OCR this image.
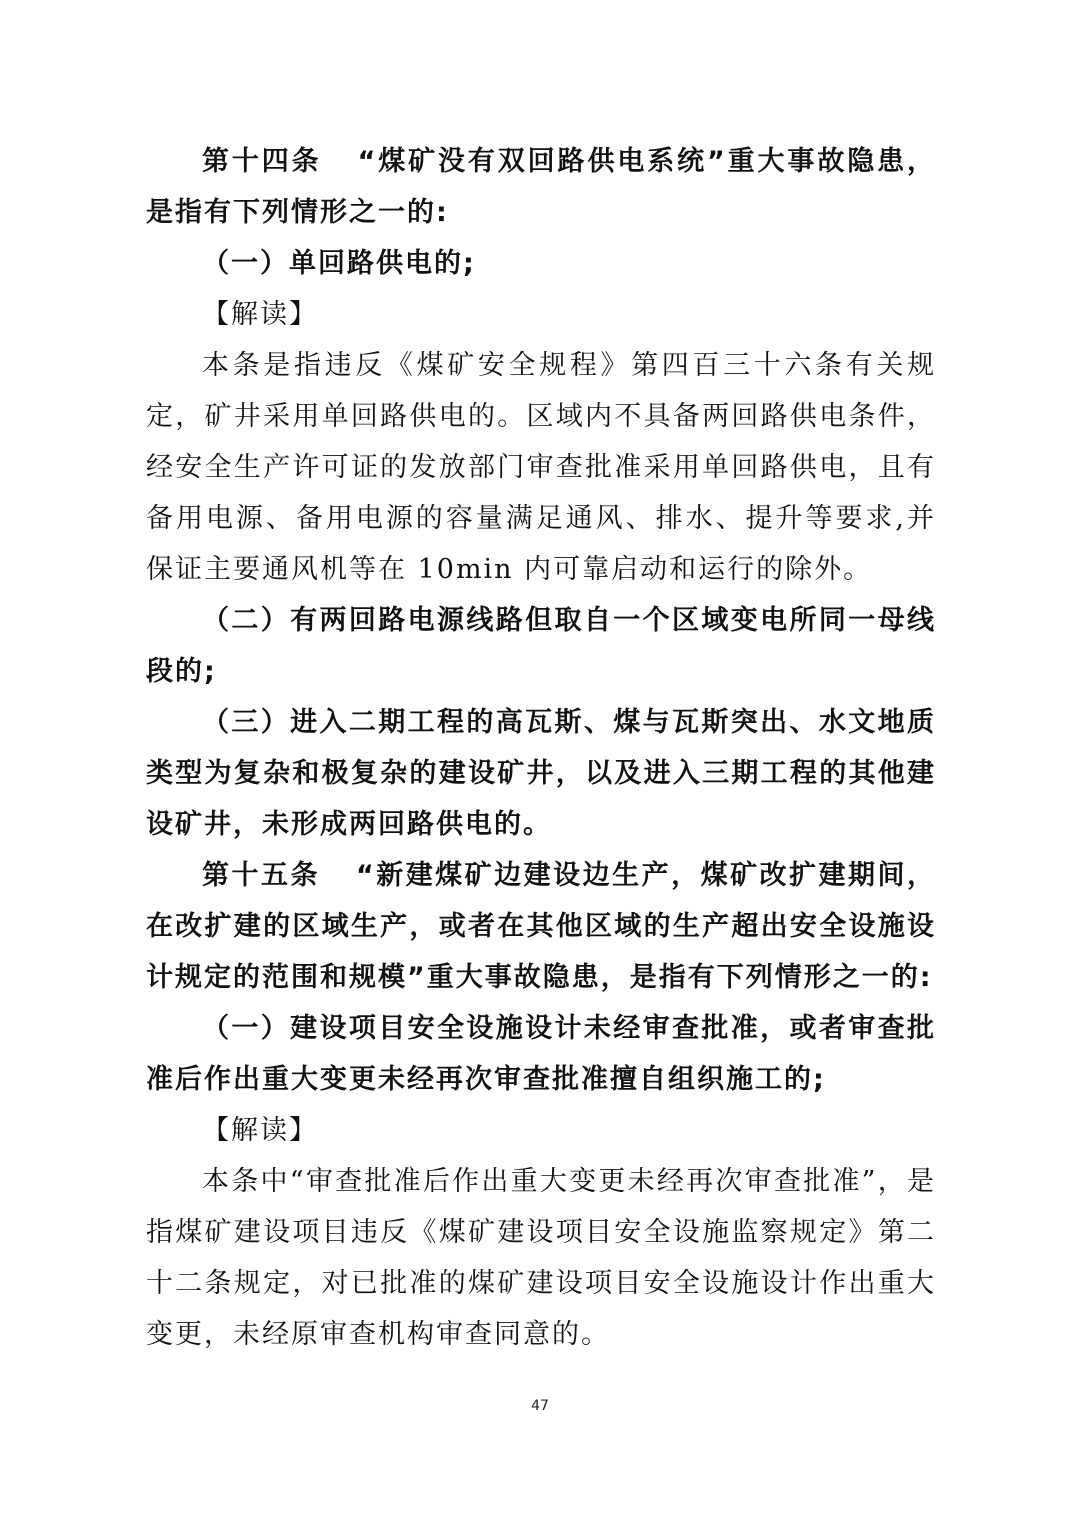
第十四条 “煤矿没有双回路供电系统”重大事故隐患，是指有下列情形之一的:

（一）单回路供电的;

【解读】

本条是指违反《煤矿安全规程》第四百三十六条有关规定，矿井采用单回路供电的。区域内不具备两回路供电条件，经安全生产许可证的发放部门审查批准采用单回路供电，且有备用电源、备用电源的容量满足通风、排水、提升等要求,并保证主要通风机等在 10min 内可靠启动和运行的除外。

（二）有两回路电源线路但取自一个区域变电所同一母线段的;

（三）进入二期工程的高瓦斯、煤与瓦斯突出、水文地质类型为复杂和极复杂的建设矿井，以及进入三期工程的其他建设矿井，未形成两回路供电的。

第十五条 “新建煤矿边建设边生产，煤矿改扩建期间，在改扩建的区域生产，或者在其他区域的生产超出安全设施设计规定的范围和规模”重大事故隐患，是指有下列情形之一的:

（一）建设项目安全设施设计未经审查批准，或者审查批准后作出重大变更未经再次审查批准擅自组织施工的;

【解读】

本条中“审查批准后作出重大变更未经再次审查批准”，是指煤矿建设项目违反《煤矿建设项目安全设施监察规定》第二十二条规定，对已批准的煤矿建设项目安全设施设计作出重大变更，未经原审查机构审查同意的。

47
